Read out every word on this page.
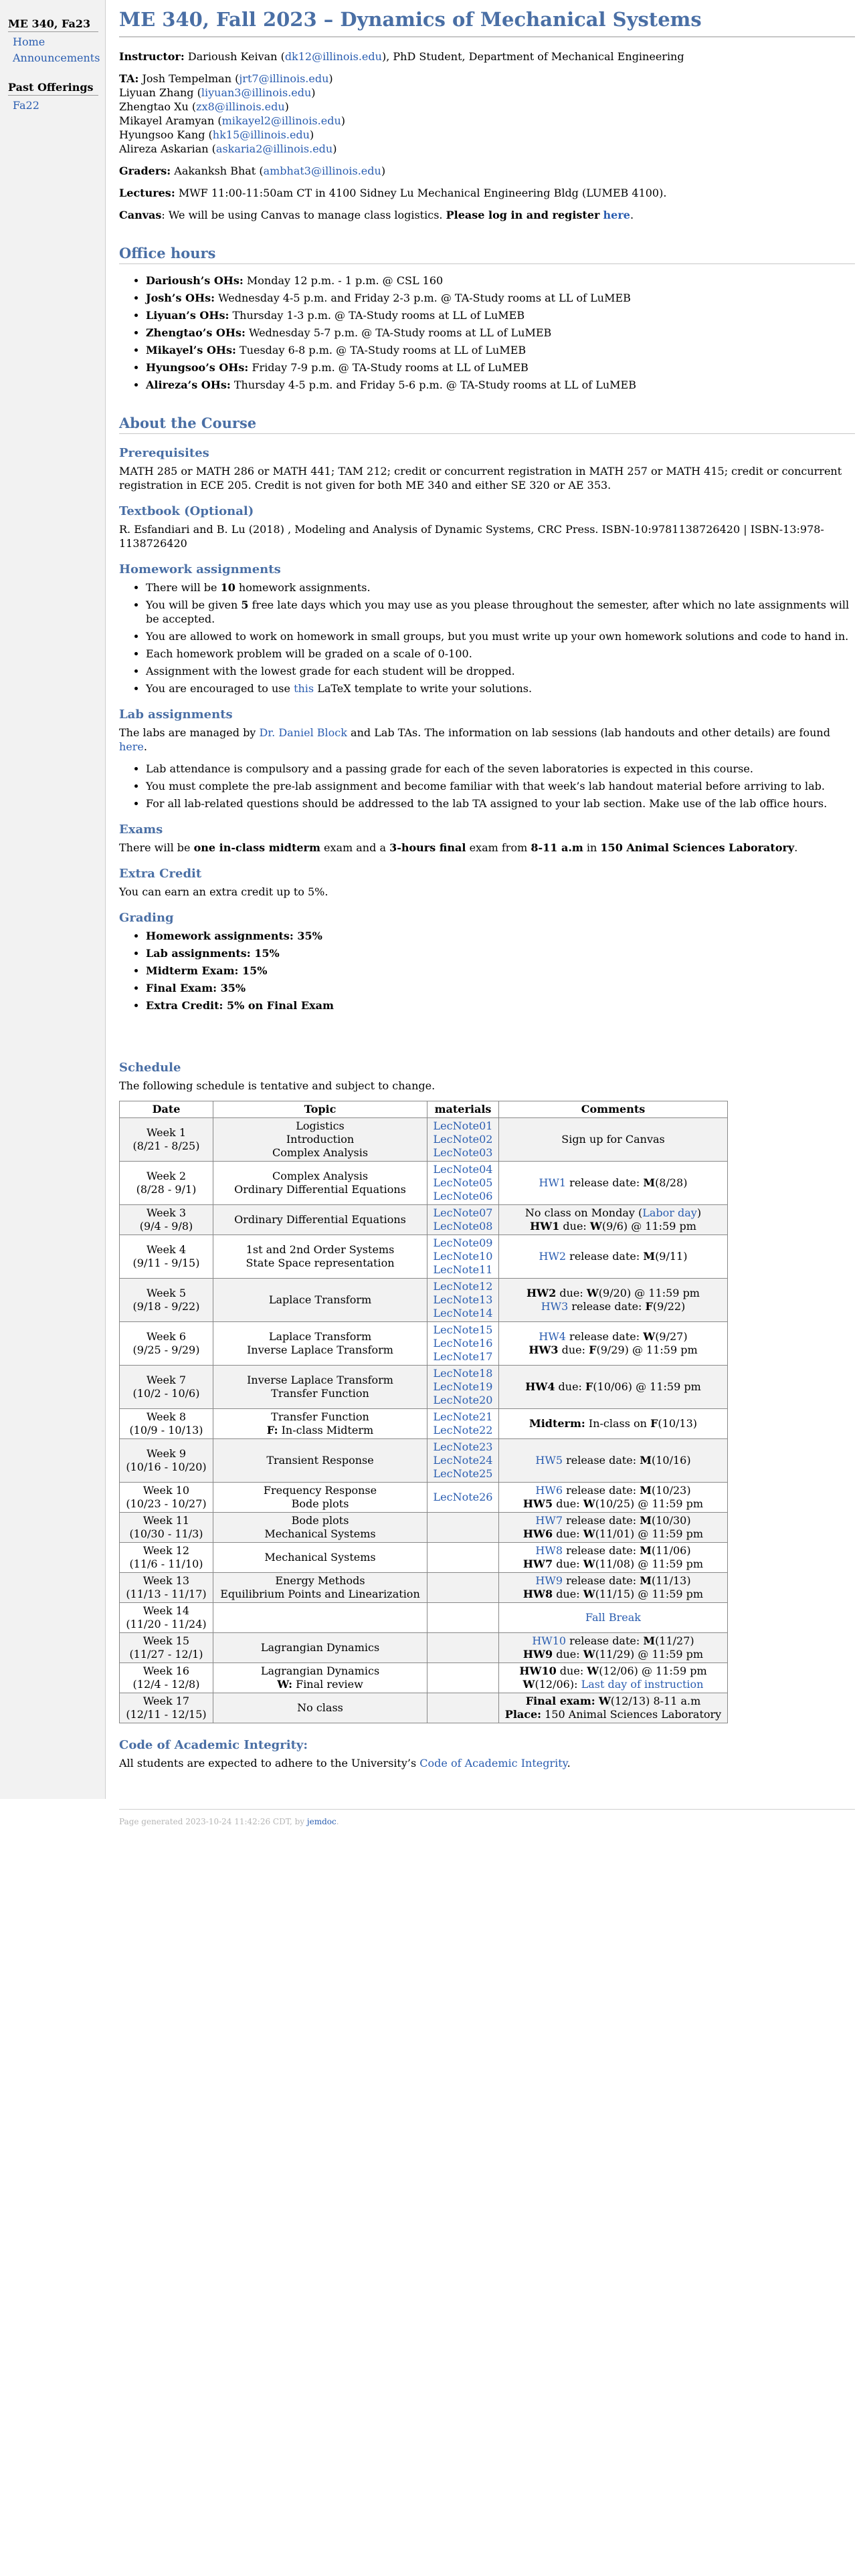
ME 340, Fa23
Home
Announcements
Past Offerings
Fa22
ME 340, Fall 2023 – Dynamics of Mechanical Systems

Instructor: Darioush Keivan (dk12@illinois.edu), PhD Student, Department of Mechanical Engineering

TA: Josh Tempelman (jrt7@illinois.edu)
Liyuan Zhang (liyuan3@illinois.edu)
Zhengtao Xu (zx8@illinois.edu)
Mikayel Aramyan (mikayel2@illinois.edu)
Hyungsoo Kang (hk15@illinois.edu)
Alireza Askarian (askaria2@illinois.edu)

Graders: Aakanksh Bhat (ambhat3@illinois.edu)

Lectures: MWF 11:00-11:50am CT in 4100 Sidney Lu Mechanical Engineering Bldg (LUMEB 4100).

Canvas: We will be using Canvas to manage class logistics. Please log in and register here.

Office hours
• Darioush’s OHs: Monday 12 p.m. - 1 p.m. @ CSL 160
• Josh’s OHs: Wednesday 4-5 p.m. and Friday 2-3 p.m. @ TA-Study rooms at LL of LuMEB
• Liyuan’s OHs: Thursday 1-3 p.m. @ TA-Study rooms at LL of LuMEB
• Zhengtao’s OHs: Wednesday 5-7 p.m. @ TA-Study rooms at LL of LuMEB
• Mikayel’s OHs: Tuesday 6-8 p.m. @ TA-Study rooms at LL of LuMEB
• Hyungsoo’s OHs: Friday 7-9 p.m. @ TA-Study rooms at LL of LuMEB
• Alireza’s OHs: Thursday 4-5 p.m. and Friday 5-6 p.m. @ TA-Study rooms at LL of LuMEB
About the Course
Prerequisites

MATH 285 or MATH 286 or MATH 441; TAM 212; credit or concurrent registration in MATH 257 or MATH 415; credit or concurrent registration in ECE 205. Credit is not given for both ME 340 and either SE 320 or AE 353.

Textbook (Optional)

R. Esfandiari and B. Lu (2018) , Modeling and Analysis of Dynamic Systems, CRC Press. ISBN-10:9781138726420 | ISBN-13:978-1138726420

Homework assignments
• There will be 10 homework assignments.
• You will be given 5 free late days which you may use as you please throughout the semester, after which no late assignments will be accepted.
• You are allowed to work on homework in small groups, but you must write up your own homework solutions and code to hand in.
• Each homework problem will be graded on a scale of 0-100.
• Assignment with the lowest grade for each student will be dropped.
• You are encouraged to use this LaTeX template to write your solutions.
Lab assignments

The labs are managed by Dr. Daniel Block and Lab TAs. The information on lab sessions (lab handouts and other details) are found here.

• Lab attendance is compulsory and a passing grade for each of the seven laboratories is expected in this course.
• You must complete the pre-lab assignment and become familiar with that week’s lab handout material before arriving to lab.
• For all lab-related questions should be addressed to the lab TA assigned to your lab section. Make use of the lab office hours.
Exams

There will be one in-class midterm exam and a 3-hours final exam from 8-11 a.m in 150 Animal Sciences Laboratory.

Extra Credit

You can earn an extra credit up to 5%.

Grading
• Homework assignments: 35%
• Lab assignments: 15%
• Midterm Exam: 15%
• Final Exam: 35%
• Extra Credit: 5% on Final Exam
Schedule

The following schedule is tentative and subject to change.

Date	Topic	materials	Comments

Week 1
(8/21 - 8/25)	Logistics
Introduction
Complex Analysis	LecNote01
LecNote02
LecNote03	Sign up for Canvas

Week 2
(8/28 - 9/1)	Complex Analysis
Ordinary Differential Equations	LecNote04
LecNote05
LecNote06	HW1 release date: M(8/28)

Week 3
(9/4 - 9/8)	Ordinary Differential Equations	LecNote07
LecNote08	No class on Monday (Labor day)
HW1 due: W(9/6) @ 11:59 pm

Week 4
(9/11 - 9/15)	1st and 2nd Order Systems
State Space representation	LecNote09
LecNote10
LecNote11	HW2 release date: M(9/11)

Week 5
(9/18 - 9/22)	Laplace Transform	LecNote12
LecNote13
LecNote14	HW2 due: W(9/20) @ 11:59 pm
HW3 release date: F(9/22)

Week 6
(9/25 - 9/29)	Laplace Transform
Inverse Laplace Transform	LecNote15
LecNote16
LecNote17	HW4 release date: W(9/27)
HW3 due: F(9/29) @ 11:59 pm

Week 7
(10/2 - 10/6)	Inverse Laplace Transform
Transfer Function	LecNote18
LecNote19
LecNote20	HW4 due: F(10/06) @ 11:59 pm

Week 8
(10/9 - 10/13)	Transfer Function
F: In-class Midterm	LecNote21
LecNote22	Midterm: In-class on F(10/13)

Week 9
(10/16 - 10/20)	Transient Response	LecNote23
LecNote24
LecNote25	HW5 release date: M(10/16)

Week 10
(10/23 - 10/27)	Frequency Response
Bode plots	LecNote26	HW6 release date: M(10/23)
HW5 due: W(10/25) @ 11:59 pm

Week 11
(10/30 - 11/3)	Bode plots
Mechanical Systems		HW7 release date: M(10/30)
HW6 due: W(11/01) @ 11:59 pm

Week 12
(11/6 - 11/10)	Mechanical Systems		HW8 release date: M(11/06)
HW7 due: W(11/08) @ 11:59 pm

Week 13
(11/13 - 11/17)	Energy Methods
Equilibrium Points and Linearization		HW9 release date: M(11/13)
HW8 due: W(11/15) @ 11:59 pm

Week 14
(11/20 - 11/24)			Fall Break

Week 15
(11/27 - 12/1)	Lagrangian Dynamics		HW10 release date: M(11/27)
HW9 due: W(11/29) @ 11:59 pm

Week 16
(12/4 - 12/8)	Lagrangian Dynamics
W: Final review		HW10 due: W(12/06) @ 11:59 pm
W(12/06): Last day of instruction

Week 17
(12/11 - 12/15)	No class		Final exam: W(12/13) 8-11 a.m
Place: 150 Animal Sciences Laboratory
Code of Academic Integrity:

All students are expected to adhere to the University’s Code of Academic Integrity.

Page generated 2023-10-24 11:42:26 CDT, by jemdoc.
